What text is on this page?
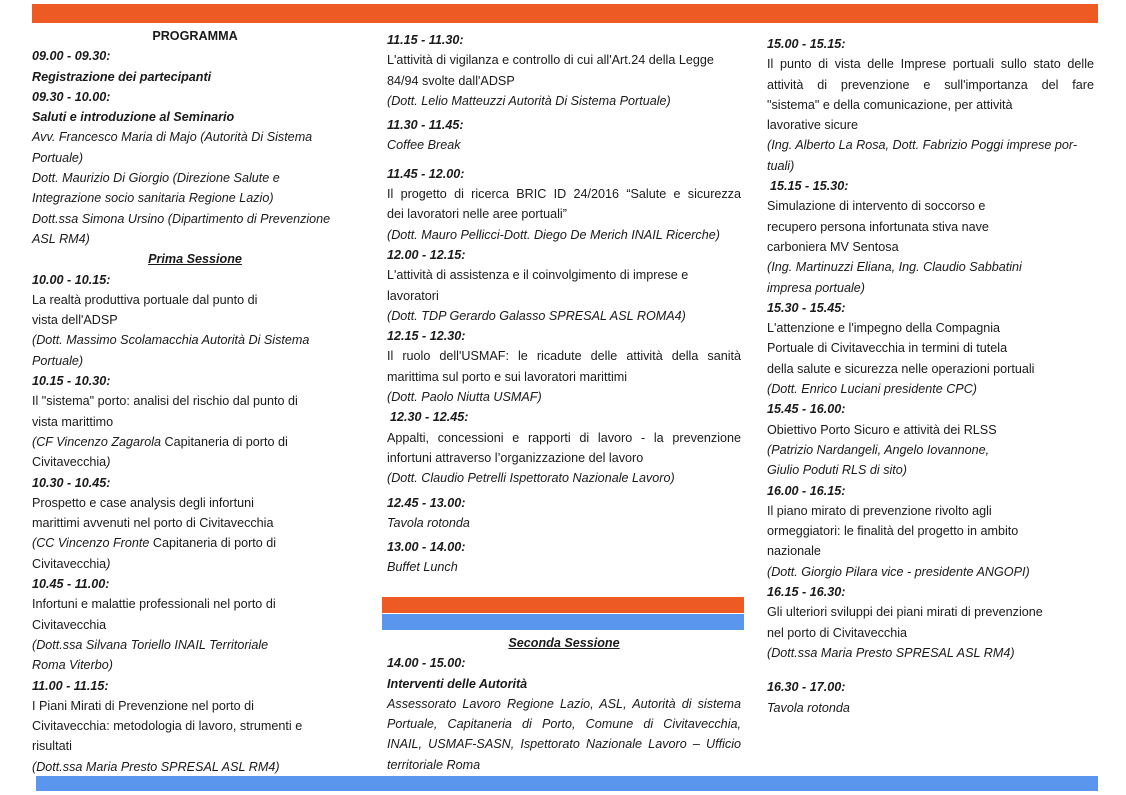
PROGRAMMA
09.00 - 09.30:
Registrazione dei partecipanti
09.30 - 10.00:
Saluti e introduzione al Seminario
Avv. Francesco Maria di Majo (Autorità Di Sistema
Portuale)
Dott. Maurizio Di Giorgio (Direzione Salute e
Integrazione socio sanitaria Regione Lazio)
Dott.ssa Simona Ursino (Dipartimento di Prevenzione
ASL RM4)
Prima Sessione
10.00 - 10.15:
La realtà produttiva portuale dal punto di
vista dell'ADSP
(Dott. Massimo Scolamacchia Autorità Di Sistema
Portuale)
10.15 - 10.30:
Il "sistema" porto: analisi del rischio dal punto di
vista marittimo
(CF Vincenzo Zagarola Capitaneria di porto di
Civitavecchia)
10.30 - 10.45:
Prospetto e case analysis degli infortuni
marittimi avvenuti nel porto di Civitavecchia
(CC Vincenzo Fronte Capitaneria di porto di
Civitavecchia)
10.45 - 11.00:
Infortuni e malattie professionali nel porto di
Civitavecchia
(Dott.ssa Silvana Toriello INAIL Territoriale
Roma Viterbo)
11.00 - 11.15:
I Piani Mirati di Prevenzione nel porto di
Civitavecchia: metodologia di lavoro, strumenti e
risultati
(Dott.ssa Maria Presto SPRESAL ASL RM4)
11.15 - 11.30:
L'attività di vigilanza e controllo di cui all'Art.24 della Legge
84/94 svolte dall'ADSP
(Dott. Lelio Matteuzzi Autorità Di Sistema Portuale)
11.30 - 11.45:
Coffee Break
11.45 - 12.00:
Il progetto di ricerca BRIC ID 24/2016 “Salute e sicurezza
dei lavoratori nelle aree portuali”
(Dott. Mauro Pellicci-Dott. Diego De Merich INAIL Ricerche)
12.00 - 12.15:
L'attività di assistenza e il coinvolgimento di imprese e
lavoratori
(Dott. TDP Gerardo Galasso SPRESAL ASL ROMA4)
12.15 - 12.30:
Il ruolo dell'USMAF: le ricadute delle attività della sanità
marittima sul porto e sui lavoratori marittimi
(Dott. Paolo Niutta USMAF)
12.30 - 12.45:
Appalti, concessioni e rapporti di lavoro - la prevenzione
infortuni attraverso l’organizzazione del lavoro
(Dott. Claudio Petrelli Ispettorato Nazionale Lavoro)
12.45 - 13.00:
Tavola rotonda
13.00 - 14.00:
Buffet Lunch
Seconda Sessione
14.00 - 15.00:
Interventi delle Autorità
Assessorato Lavoro Regione Lazio, ASL, Autorità di sistema
Portuale, Capitaneria di Porto, Comune di Civitavecchia,
INAIL, USMAF-SASN, Ispettorato Nazionale Lavoro – Ufficio
territoriale Roma
15.00 - 15.15:
Il punto di vista delle Imprese portuali sullo stato delle
attività di prevenzione e sull'importanza del fare
"sistema" e della comunicazione, per attività
lavorative sicure
(Ing. Alberto La Rosa, Dott. Fabrizio Poggi imprese por-
tuali)
15.15 - 15.30:
Simulazione di intervento di soccorso e
recupero persona infortunata stiva nave
carboniera MV Sentosa
(Ing. Martinuzzi Eliana, Ing. Claudio Sabbatini
impresa portuale)
15.30 - 15.45:
L'attenzione e l'impegno della Compagnia
Portuale di Civitavecchia in termini di tutela
della salute e sicurezza nelle operazioni portuali
(Dott. Enrico Luciani presidente CPC)
15.45 - 16.00:
Obiettivo Porto Sicuro e attività dei RLSS
(Patrizio Nardangeli, Angelo Iovannone,
Giulio Poduti RLS di sito)
16.00 - 16.15:
Il piano mirato di prevenzione rivolto agli
ormeggiatori: le finalità del progetto in ambito
nazionale
(Dott. Giorgio Pilara vice - presidente ANGOPI)
16.15 - 16.30:
Gli ulteriori sviluppi dei piani mirati di prevenzione
nel porto di Civitavecchia
(Dott.ssa Maria Presto SPRESAL ASL RM4)
16.30 - 17.00:
Tavola rotonda
